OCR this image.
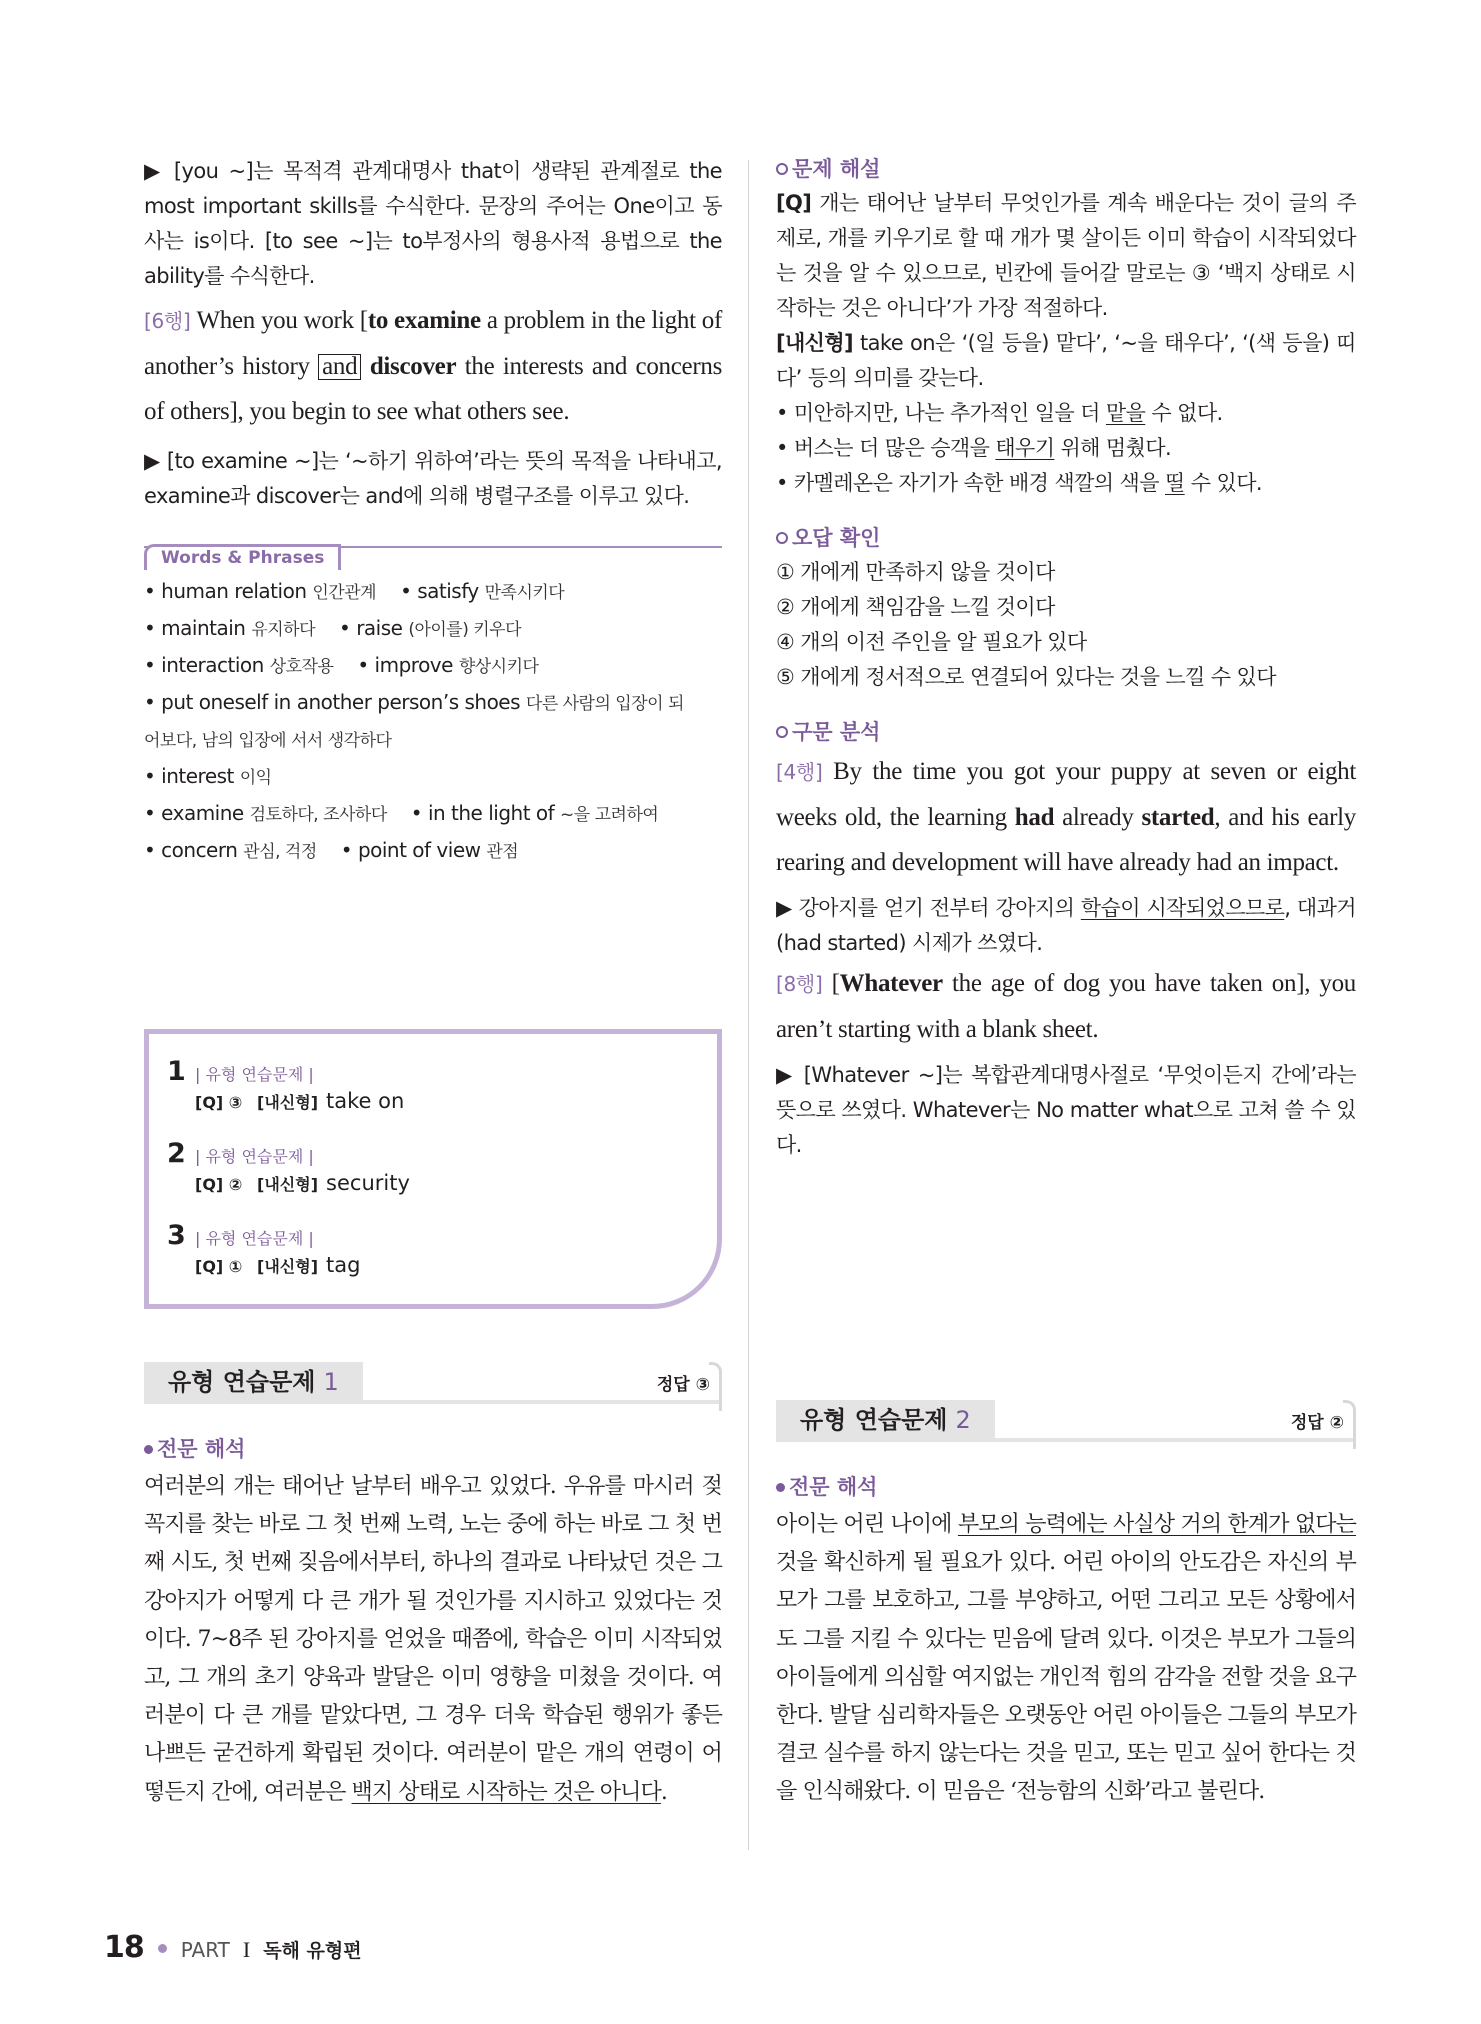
▶ [you ~]는 목적격 관계대명사 that이 생략된 관계절로 the most important skills를 수식한다. 문장의 주어는 One이고 동사는 is이다. [to see ~]는 to부정사의 형용사적 용법으로 the ability를 수식한다.

[6행] When you work [to examine a problem in the light of another’s history and discover the interests and concerns of others], you begin to see what others see.

▶ [to examine ~]는 ‘~하기 위하여’라는 뜻의 목적을 나타내고, examine과 discover는 and에 의해 병렬구조를 이루고 있다.

Words & Phrases
• human relation 인간관계 • satisfy 만족시키다
• maintain 유지하다 • raise (아이를) 키우다
• interaction 상호작용 • improve 향상시키다
• put oneself in another person’s shoes 다른 사람의 입장이 되어보다, 남의 입장에 서서 생각하다• interest 이익
• examine 검토하다, 조사하다 • in the light of ~을 고려하여
• concern 관심, 걱정 • point of view 관점
1 | 유형 연습문제 |
[Q] ③ [내신형] take on
2 | 유형 연습문제 |
[Q] ② [내신형] security
3 | 유형 연습문제 |
[Q] ① [내신형] tag
유형 연습문제 1	정답 ③
전문 해석

여러분의 개는 태어난 날부터 배우고 있었다. 우유를 마시러 젖꼭지를 찾는 바로 그 첫 번째 노력, 노는 중에 하는 바로 그 첫 번째 시도, 첫 번째 짖음에서부터, 하나의 결과로 나타났던 것은 그 강아지가 어떻게 다 큰 개가 될 것인가를 지시하고 있었다는 것이다. 7~8주 된 강아지를 얻었을 때쯤에, 학습은 이미 시작되었고, 그 개의 초기 양육과 발달은 이미 영향을 미쳤을 것이다. 여러분이 다 큰 개를 맡았다면, 그 경우 더욱 학습된 행위가 좋든 나쁘든 굳건하게 확립된 것이다. 여러분이 맡은 개의 연령이 어떻든지 간에, 여러분은 백지 상태로 시작하는 것은 아니다.

문제 해설

[Q] 개는 태어난 날부터 무엇인가를 계속 배운다는 것이 글의 주제로, 개를 키우기로 할 때 개가 몇 살이든 이미 학습이 시작되었다는 것을 알 수 있으므로, 빈칸에 들어갈 말로는 ③ ‘백지 상태로 시작하는 것은 아니다’가 가장 적절하다.

[내신형] take on은 ‘(일 등을) 맡다’, ‘~을 태우다’, ‘(색 등을) 띠다’ 등의 의미를 갖는다.

• 미안하지만, 나는 추가적인 일을 더 맡을 수 없다.

• 버스는 더 많은 승객을 태우기 위해 멈췄다.

• 카멜레온은 자기가 속한 배경 색깔의 색을 띨 수 있다.

오답 확인

① 개에게 만족하지 않을 것이다

② 개에게 책임감을 느낄 것이다

④ 개의 이전 주인을 알 필요가 있다

⑤ 개에게 정서적으로 연결되어 있다는 것을 느낄 수 있다

구문 분석

[4행] By the time you got your puppy at seven or eight weeks old, the learning had already started, and his early rearing and development will have already had an impact.

▶ 강아지를 얻기 전부터 강아지의 학습이 시작되었으므로, 대과거(had started) 시제가 쓰였다.

[8행] [Whatever the age of dog you have taken on], you aren’t starting with a blank sheet.

▶ [Whatever ~]는 복합관계대명사절로 ‘무엇이든지 간에’라는 뜻으로 쓰였다. Whatever는 No matter what으로 고쳐 쓸 수 있다.

유형 연습문제 2	정답 ②
전문 해석

아이는 어린 나이에 부모의 능력에는 사실상 거의 한계가 없다는 것을 확신하게 될 필요가 있다. 어린 아이의 안도감은 자신의 부모가 그를 보호하고, 그를 부양하고, 어떤 그리고 모든 상황에서도 그를 지킬 수 있다는 믿음에 달려 있다. 이것은 부모가 그들의 아이들에게 의심할 여지없는 개인적 힘의 감각을 전할 것을 요구한다. 발달 심리학자들은 오랫동안 어린 아이들은 그들의 부모가 결코 실수를 하지 않는다는 것을 믿고, 또는 믿고 싶어 한다는 것을 인식해왔다. 이 믿음은 ‘전능함의 신화’라고 불린다.

18 PART I 독해 유형편
